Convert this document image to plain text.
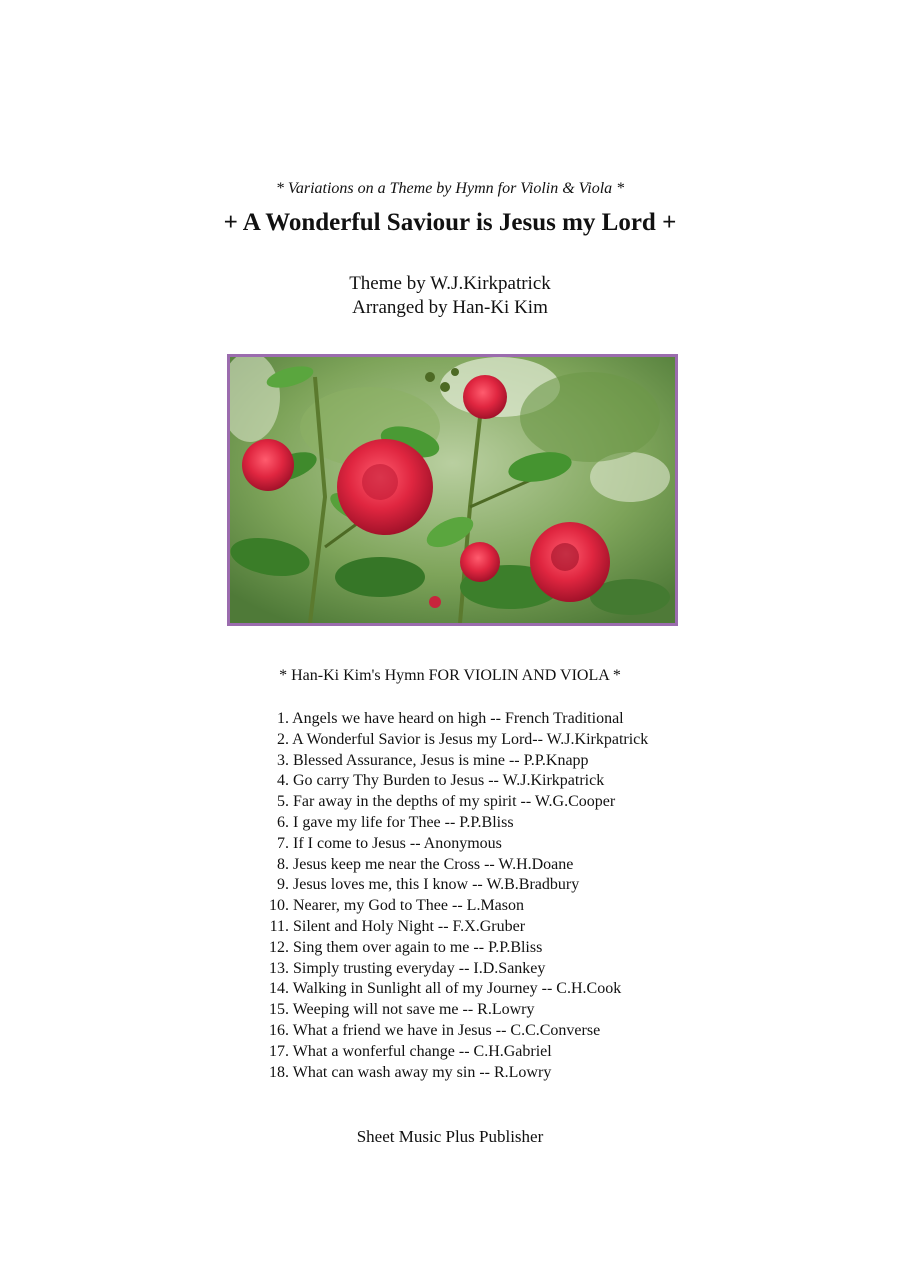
* Variations on a Theme by Hymn for Violin & Viola *
+ A Wonderful Saviour is Jesus my Lord +
Theme by W.J.Kirkpatrick
Arranged by Han-Ki Kim
* Han-Ki Kim's Hymn FOR VIOLIN AND VIOLA *
1. Angels we have heard on high -- French Traditional
2. A Wonderful Savior is Jesus my Lord-- W.J.Kirkpatrick
3. Blessed Assurance, Jesus is mine -- P.P.Knapp
4. Go carry Thy Burden to Jesus -- W.J.Kirkpatrick
5. Far away in the depths of my spirit -- W.G.Cooper
6. I gave my life for Thee -- P.P.Bliss
7. If I come to Jesus -- Anonymous
8. Jesus keep me near the Cross -- W.H.Doane
9. Jesus loves me, this I know -- W.B.Bradbury
10. Nearer, my God to Thee -- L.Mason
11. Silent and Holy Night -- F.X.Gruber
12. Sing them over again to me -- P.P.Bliss
13. Simply trusting everyday -- I.D.Sankey
14. Walking in Sunlight all of my Journey -- C.H.Cook
15. Weeping will not save me -- R.Lowry
16. What a friend we have in Jesus -- C.C.Converse
17. What a wonferful change -- C.H.Gabriel
18. What can wash away my sin -- R.Lowry
Sheet Music Plus Publisher
